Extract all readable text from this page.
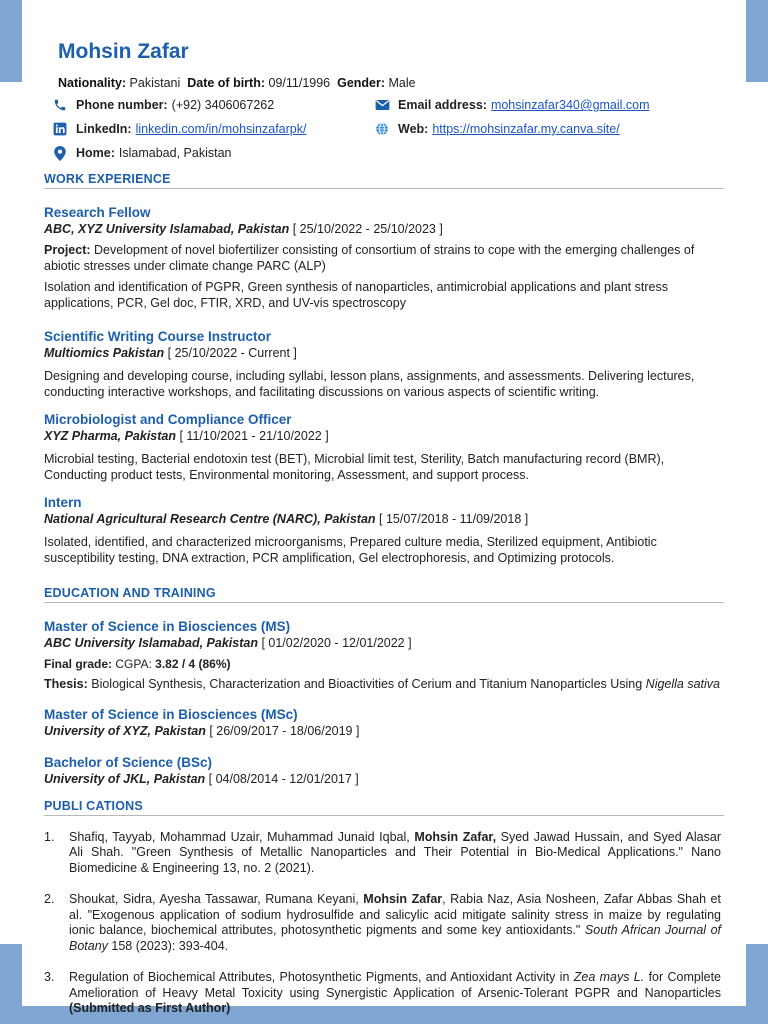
Mohsin Zafar
Nationality: Pakistani Date of birth: 09/11/1996 Gender: Male
Phone number: (+92) 3406067262	Email address: mohsinzafar340@gmail.com
LinkedIn: linkedin.com/in/mohsinzafarpk/	Web: https://mohsinzafar.my.canva.site/
Home: Islamabad, Pakistan
WORK EXPERIENCE
Research Fellow
ABC, XYZ University Islamabad, Pakistan [ 25/10/2022 - 25/10/2023 ]
Project: Development of novel biofertilizer consisting of consortium of strains to cope with the emerging challenges of abiotic stresses under climate change PARC (ALP)
Isolation and identification of PGPR, Green synthesis of nanoparticles, antimicrobial applications and plant stress applications, PCR, Gel doc, FTIR, XRD, and UV-vis spectroscopy
Scientific Writing Course Instructor
Multiomics Pakistan [ 25/10/2022 - Current ]
Designing and developing course, including syllabi, lesson plans, assignments, and assessments. Delivering lectures, conducting interactive workshops, and facilitating discussions on various aspects of scientific writing.
Microbiologist and Compliance Officer
XYZ Pharma, Pakistan [ 11/10/2021 - 21/10/2022 ]
Microbial testing, Bacterial endotoxin test (BET), Microbial limit test, Sterility, Batch manufacturing record (BMR), Conducting product tests, Environmental monitoring, Assessment, and support process.
Intern
National Agricultural Research Centre (NARC), Pakistan [ 15/07/2018 - 11/09/2018 ]
Isolated, identified, and characterized microorganisms, Prepared culture media, Sterilized equipment, Antibiotic susceptibility testing, DNA extraction, PCR amplification, Gel electrophoresis, and Optimizing protocols.
EDUCATION AND TRAINING
Master of Science in Biosciences (MS)
ABC University Islamabad, Pakistan [ 01/02/2020 - 12/01/2022 ]
Final grade: CGPA: 3.82 / 4 (86%)
Thesis: Biological Synthesis, Characterization and Bioactivities of Cerium and Titanium Nanoparticles Using Nigella sativa
Master of Science in Biosciences (MSc)
University of XYZ, Pakistan [ 26/09/2017 - 18/06/2019 ]
Bachelor of Science (BSc)
University of JKL, Pakistan [ 04/08/2014 - 12/01/2017 ]
PUBLI CATIONS
1.	Shafiq, Tayyab, Mohammad Uzair, Muhammad Junaid Iqbal, Mohsin Zafar, Syed Jawad Hussain, and Syed Alasar Ali Shah. "Green Synthesis of Metallic Nanoparticles and Their Potential in Bio-Medical Applications." Nano Biomedicine & Engineering 13, no. 2 (2021).
2.	Shoukat, Sidra, Ayesha Tassawar, Rumana Keyani, Mohsin Zafar, Rabia Naz, Asia Nosheen, Zafar Abbas Shah et al. "Exogenous application of sodium hydrosulfide and salicylic acid mitigate salinity stress in maize by regulating ionic balance, biochemical attributes, photosynthetic pigments and some key antioxidants." South African Journal of Botany 158 (2023): 393-404.
3.	Regulation of Biochemical Attributes, Photosynthetic Pigments, and Antioxidant Activity in Zea mays L. for Complete Amelioration of Heavy Metal Toxicity using Synergistic Application of Arsenic-Tolerant PGPR and Nanoparticles (Submitted as First Author)
